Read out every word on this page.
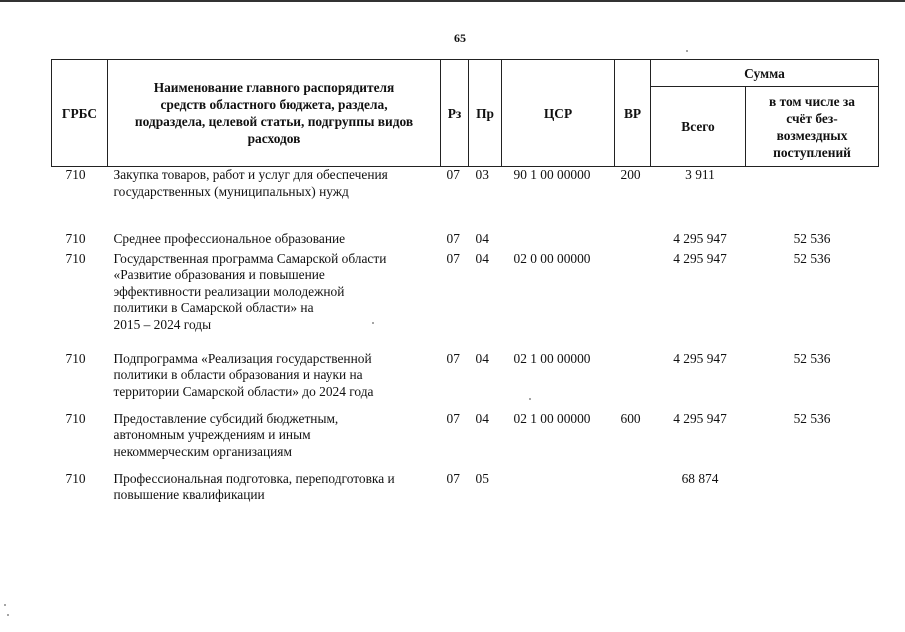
65
ГРБС	Наименование главного распорядителя
средств областного бюджета, раздела,
подраздела, целевой статьи, подгруппы видов
расходов	Рз	Пр	ЦСР	ВР	Сумма	
						Всего	в том числе за
счёт без-
возмездных
поступлений

710	Закупка товаров, работ и услуг для обеспечения
государственных (муниципальных) нужд	07	03	90 1 00 00000	200	3 911	
710	Среднее профессиональное образование	07	04			4 295 947	52 536
710	Государственная программа Самарской области
«Развитие образования и повышение
эффективности реализации молодежной
политики в Самарской области» на
2015 – 2024 годы	07	04	02 0 00 00000		4 295 947	52 536
710	Подпрограмма «Реализация государственной
политики в области образования и науки на
территории Самарской области» до 2024 года	07	04	02 1 00 00000		4 295 947	52 536
710	Предоставление субсидий бюджетным,
автономным учреждениям и иным
некоммерческим организациям	07	04	02 1 00 00000	600	4 295 947	52 536
710	Профессиональная подготовка, переподготовка и
повышение квалификации	07	05			68 874	
